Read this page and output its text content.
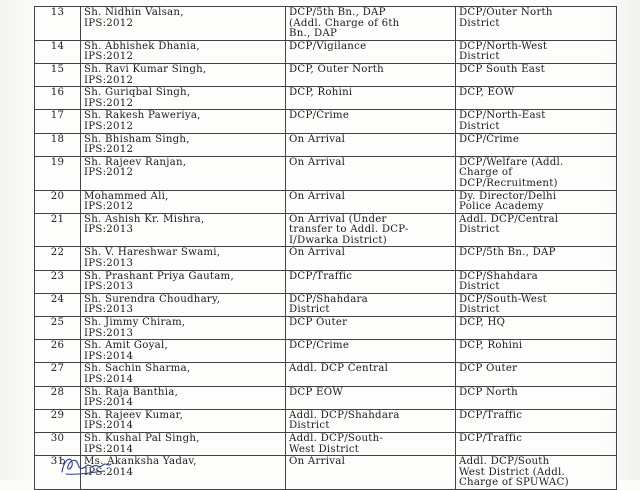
13	Sh. Nidhin Valsan,
IPS:2012	DCP/5th Bn., DAP
(Addl. Charge of 6th
Bn., DAP	DCP/Outer North
District

14	Sh. Abhishek Dhania,
IPS:2012	DCP/Vigilance	DCP/North-West
District

15	Sh. Ravi Kumar Singh,
IPS:2012	DCP, Outer North	DCP South East

16	Sh. Guriqbal Singh,
IPS:2012	DCP, Rohini	DCP, EOW

17	Sh. Rakesh Paweriya,
IPS:2012	DCP/Crime	DCP/North-East
District

18	Sh. Bhisham Singh,
IPS:2012	On Arrival	DCP/Crime

19	Sh. Rajeev Ranjan,
IPS:2012	On Arrival	DCP/Welfare (Addl.
Charge of
DCP/Recruitment)

20	Mohammed Ali,
IPS:2012	On Arrival	Dy. Director/Delhi
Police Academy

21	Sh. Ashish Kr. Mishra,
IPS:2013	On Arrival (Under
transfer to Addl. DCP-
I/Dwarka District)	Addl. DCP/Central
District

22	Sh. V. Hareshwar Swami,
IPS:2013	On Arrival	DCP/5th Bn., DAP

23	Sh. Prashant Priya Gautam,
IPS:2013	DCP/Traffic	DCP/Shahdara
District

24	Sh. Surendra Choudhary,
IPS:2013	DCP/Shahdara
District	DCP/South-West
District

25	Sh. Jimmy Chiram,
IPS:2013	DCP Outer	DCP, HQ

26	Sh. Amit Goyal,
IPS:2014	DCP/Crime	DCP, Rohini

27	Sh. Sachin Sharma,
IPS:2014	Addl. DCP Central	DCP Outer

28	Sh. Raja Banthia,
IPS:2014	DCP EOW	DCP North

29	Sh. Rajeev Kumar,
IPS:2014	Addl. DCP/Shahdara
District	DCP/Traffic

30	Sh. Kushal Pal Singh,
IPS:2014	Addl. DCP/South-
West District	DCP/Traffic

31	Ms. Akanksha Yadav,
IPS:2014	On Arrival	Addl. DCP/South
West District (Addl.
Charge of SPUWAC)
